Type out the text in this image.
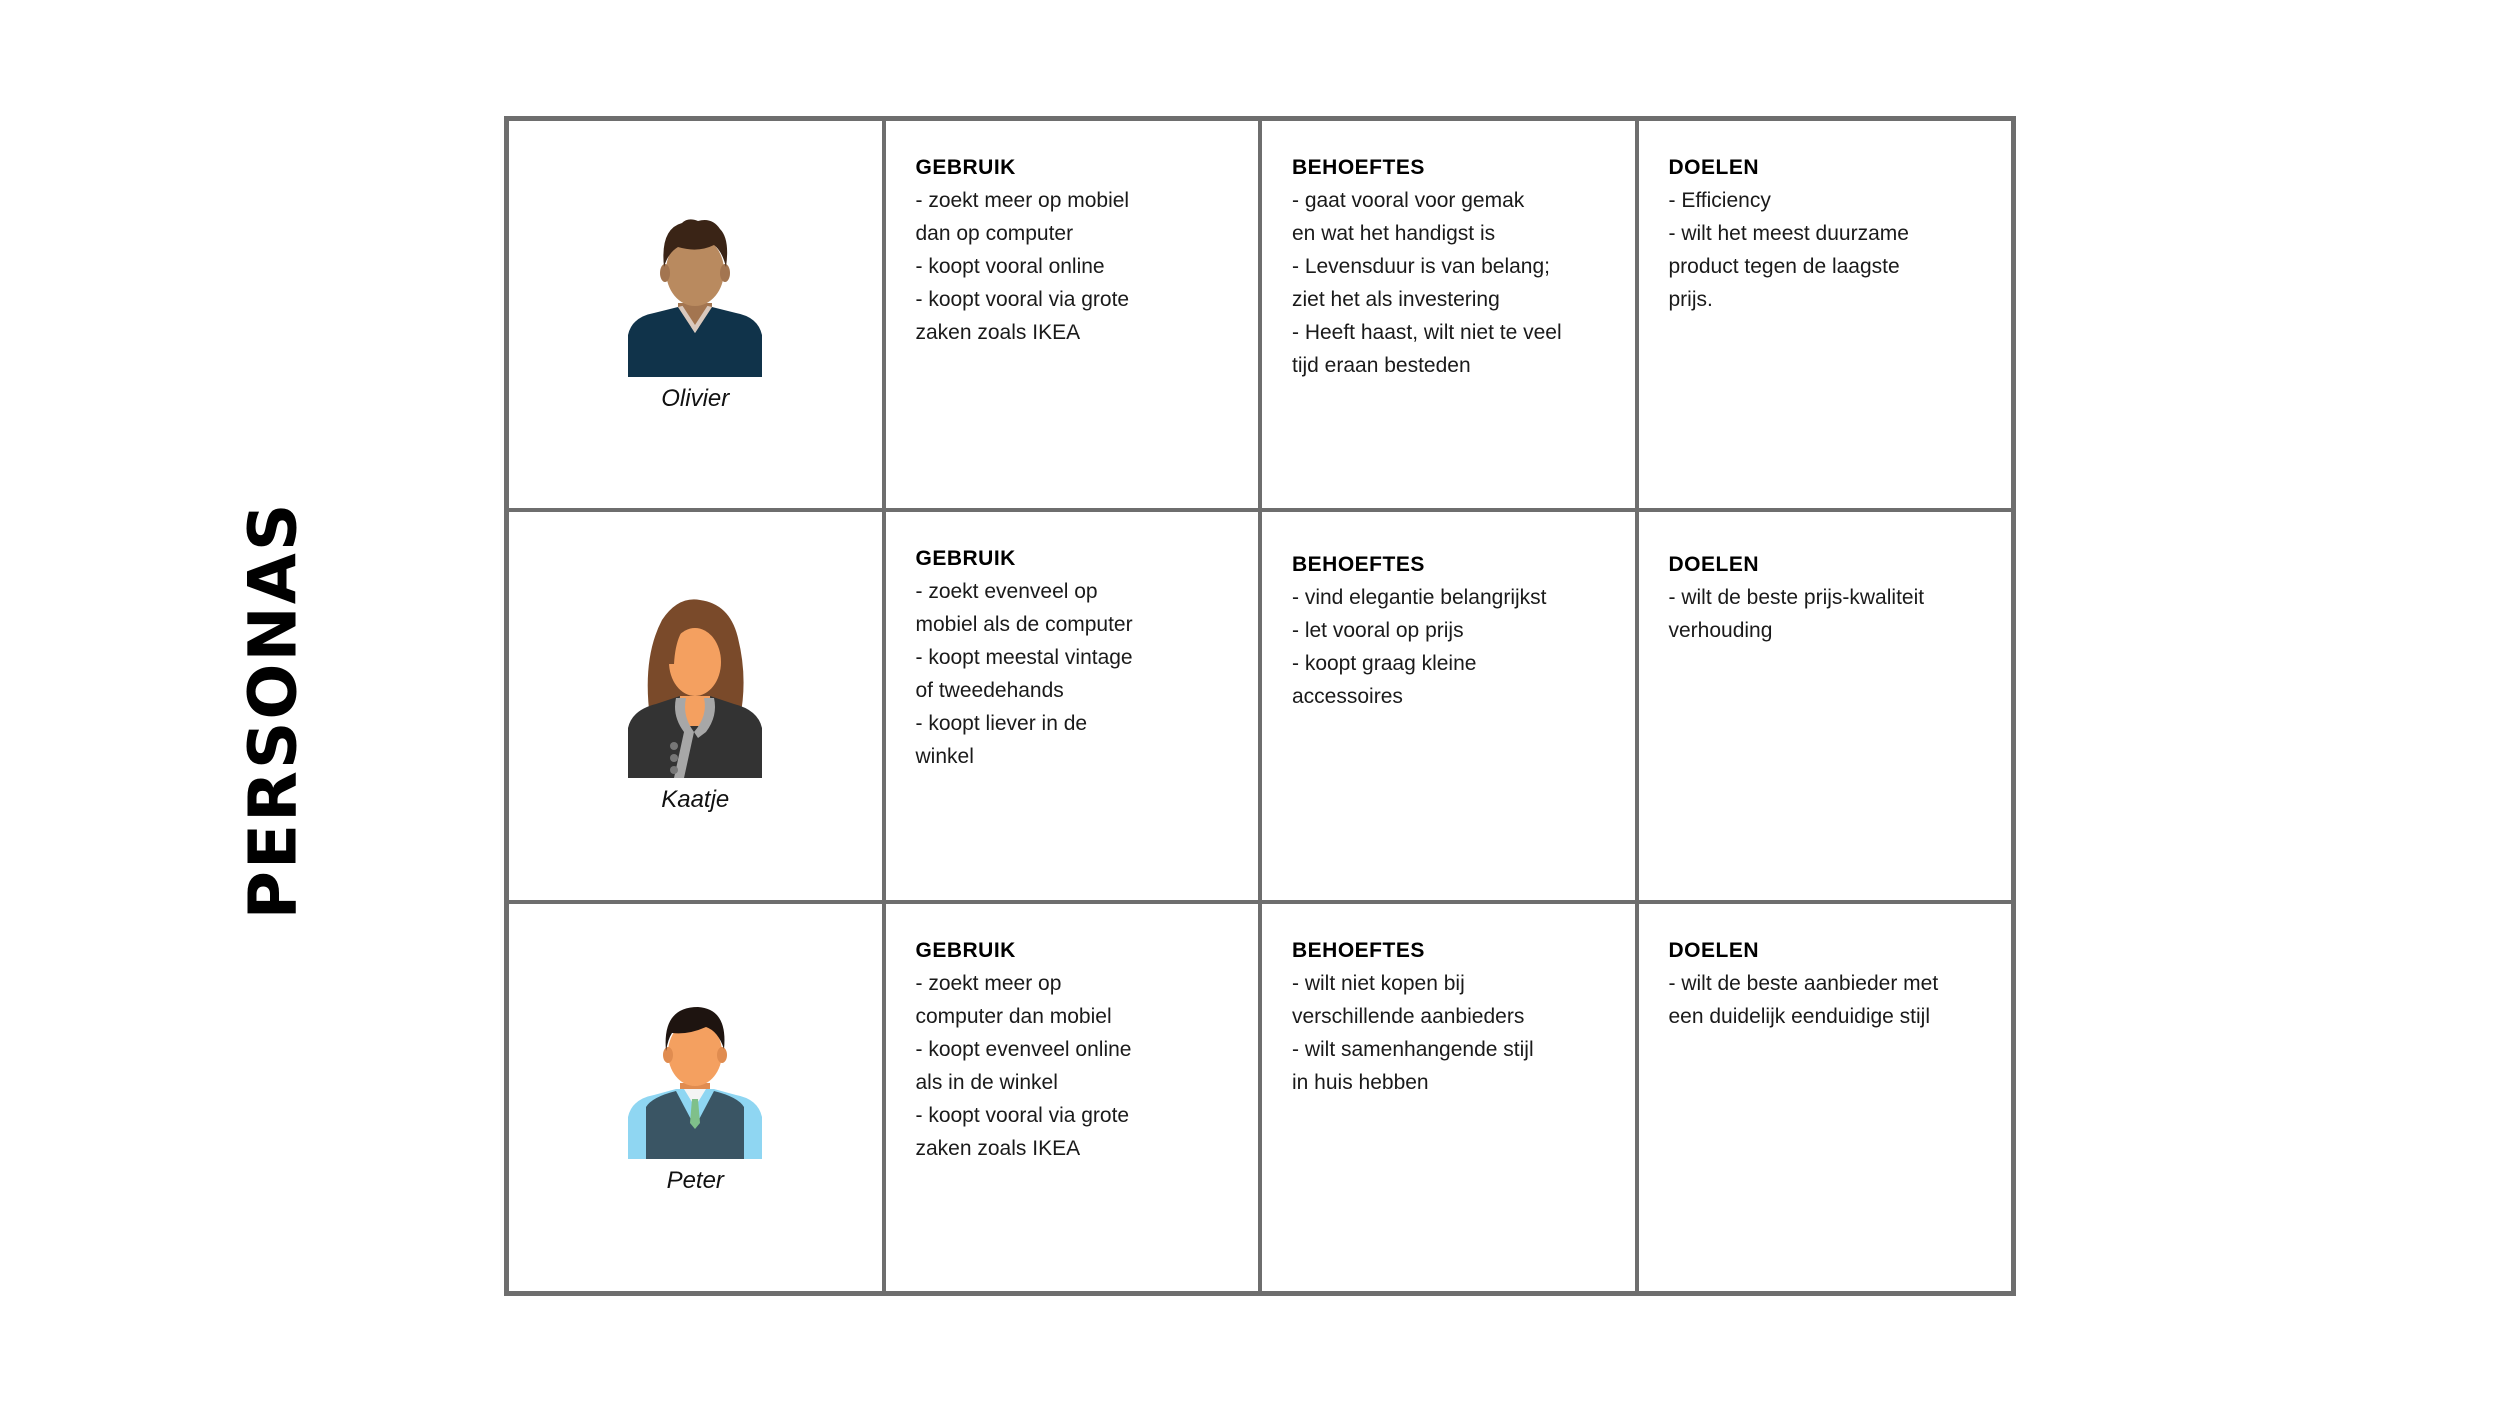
PERSONAS
Olivier
GEBRUIK
- zoekt meer op mobiel
dan op computer
- koopt vooral online
- koopt vooral via grote
zaken zoals IKEA
BEHOEFTES
- gaat vooral voor gemak
en wat het handigst is
- Levensduur is van belang;
ziet het als investering
- Heeft haast, wilt niet te veel
tijd eraan besteden
DOELEN
- Efficiency
- wilt het meest duurzame
product tegen de laagste
prijs.
Kaatje
GEBRUIK
- zoekt evenveel op
mobiel als de computer
- koopt meestal vintage
of tweedehands
- koopt liever in de
winkel
BEHOEFTES
- vind elegantie belangrijkst
- let vooral op prijs
- koopt graag kleine
accessoires
DOELEN
- wilt de beste prijs-kwaliteit
verhouding
Peter
GEBRUIK
- zoekt meer op
computer dan mobiel
- koopt evenveel online
als in de winkel
- koopt vooral via grote
zaken zoals IKEA
BEHOEFTES
- wilt niet kopen bij
verschillende aanbieders
- wilt samenhangende stijl
in huis hebben
DOELEN
- wilt de beste aanbieder met
een duidelijk eenduidige stijl
